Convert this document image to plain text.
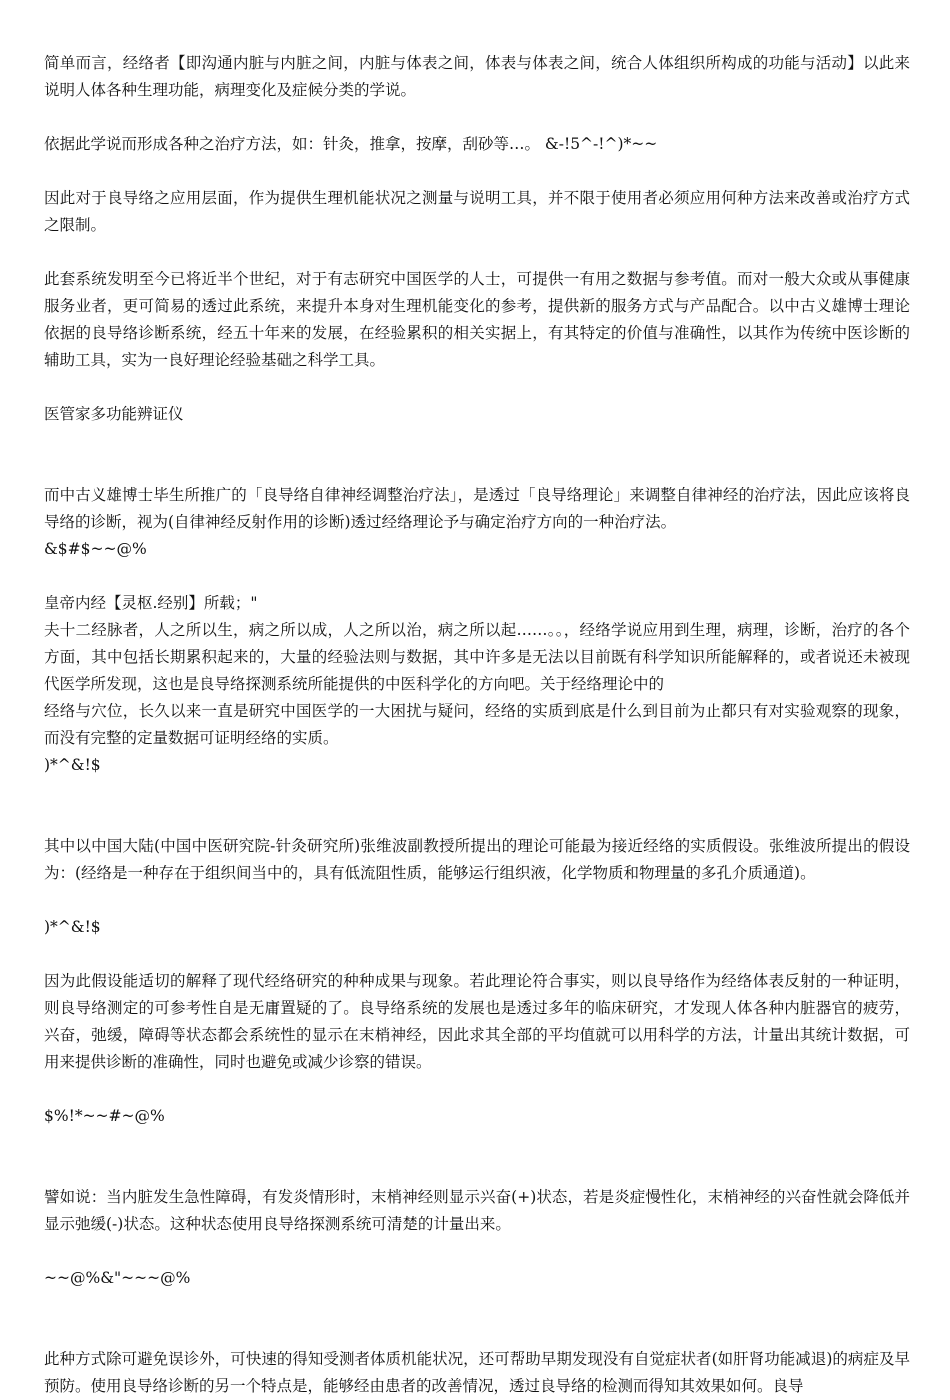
简单而言，经络者【即沟通内脏与内脏之间，内脏与体表之间，体表与体表之间，统合人体组织所构成的功能与活动】以此来说明人体各种生理功能，病理变化及症候分类的学说。

依据此学说而形成各种之治疗方法，如：针灸，推拿，按摩，刮砂等…。 &-!5^-!^)*~~

因此对于良导络之应用层面，作为提供生理机能状况之测量与说明工具，并不限于使用者必须应用何种方法来改善或治疗方式之限制。

此套系统发明至今已将近半个世纪，对于有志研究中国医学的人士，可提供一有用之数据与参考值。而对一般大众或从事健康服务业者，更可简易的透过此系统，来提升本身对生理机能变化的参考，提供新的服务方式与产品配合。以中古义雄博士理论依据的良导络诊断系统，经五十年来的发展，在经验累积的相关实据上，有其特定的价值与准确性，以其作为传统中医诊断的辅助工具，实为一良好理论经验基础之科学工具。

医管家多功能辨证仪

而中古义雄博士毕生所推广的「良导络自律神经调整治疗法」，是透过「良导络理论」来调整自律神经的治疗法，因此应该将良导络的诊断，视为(自律神经反射作用的诊断)透过经络理论予与确定治疗方向的一种治疗法。

&$#$~~@%

皇帝内经【灵枢.经别】所载；"

夫十二经脉者，人之所以生，病之所以成，人之所以治，病之所以起……。。，经络学说应用到生理，病理，诊断，治疗的各个方面，其中包括长期累积起来的，大量的经验法则与数据，其中许多是无法以目前既有科学知识所能解释的，或者说还未被现代医学所发现，这也是良导络探测系统所能提供的中医科学化的方向吧。关于经络理论中的

经络与穴位，长久以来一直是研究中国医学的一大困扰与疑问，经络的实质到底是什么到目前为止都只有对实验观察的现象，而没有完整的定量数据可证明经络的实质。

)*^&!$

其中以中国大陆(中国中医研究院-针灸研究所)张维波副教授所提出的理论可能最为接近经络的实质假设。张维波所提出的假设为：(经络是一种存在于组织间当中的，具有低流阻性质，能够运行组织液，化学物质和物理量的多孔介质通道)。

)*^&!$

因为此假设能适切的解释了现代经络研究的种种成果与现象。若此理论符合事实，则以良导络作为经络体表反射的一种证明，则良导络测定的可参考性自是无庸置疑的了。良导络系统的发展也是透过多年的临床研究，才发现人体各种内脏器官的疲劳，兴奋，弛缓，障碍等状态都会系统性的显示在末梢神经，因此求其全部的平均值就可以用科学的方法，计量出其统计数据，可用来提供诊断的准确性，同时也避免或减少诊察的错误。

$%!*~~#~@%

譬如说：当内脏发生急性障碍，有发炎情形时，末梢神经则显示兴奋(+)状态，若是炎症慢性化，末梢神经的兴奋性就会降低并显示弛缓(-)状态。这种状态使用良导络探测系统可清楚的计量出来。

~~@%&"~~~@%

此种方式除可避免误诊外，可快速的得知受测者体质机能状况，还可帮助早期发现没有自觉症状者(如肝肾功能减退)的病症及早预防。使用良导络诊断的另一个特点是，能够经由患者的改善情况，透过良导络的检测而得知其效果如何。良导
